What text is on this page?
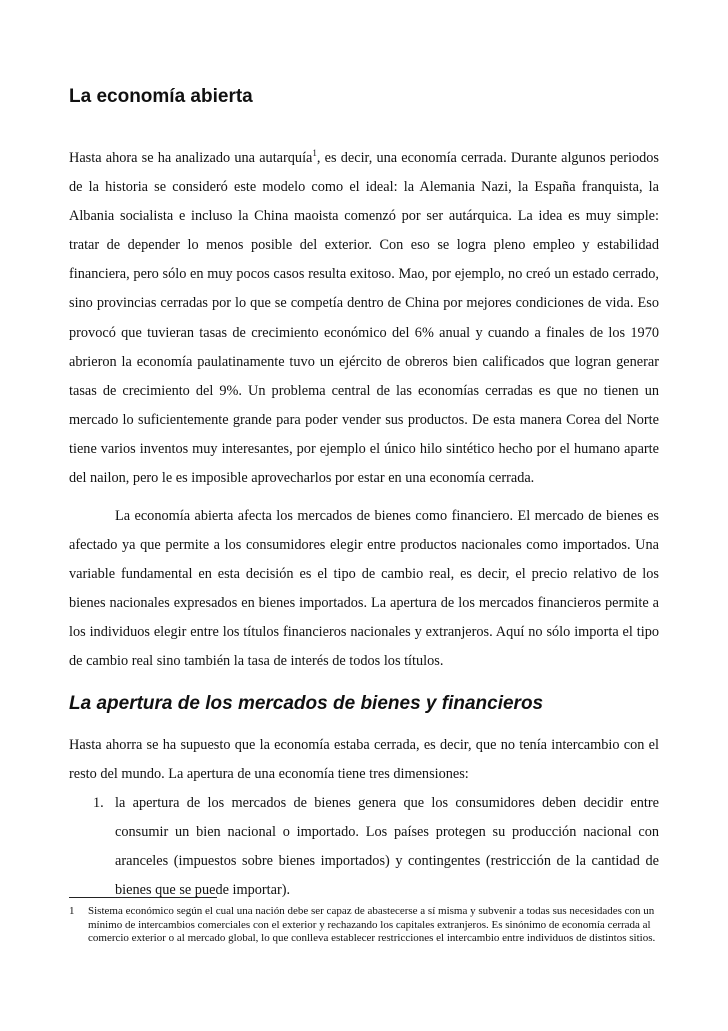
La economía abierta

Hasta ahora se ha analizado una autarquía$^1$, es decir, una economía cerrada. Durante algunos periodos de la historia se consideró este modelo como el ideal: la Alemania Nazi, la España franquista, la Albania socialista e incluso la China maoista comenzó por ser autárquica. La idea es muy simple: tratar de depender lo menos posible del exterior. Con eso se logra pleno empleo y estabilidad financiera, pero sólo en muy pocos casos resulta exitoso. Mao, por ejemplo, no creó un estado cerrado, sino provincias cerradas por lo que se competía dentro de China por mejores condiciones de vida. Eso provocó que tuvieran tasas de crecimiento económico del 6% anual y cuando a finales de los 1970 abrieron la economía paulatinamente tuvo un ejército de obreros bien calificados que logran generar tasas de crecimiento del 9%. Un problema central de las economías cerradas es que no tienen un mercado lo suficientemente grande para poder vender sus productos. De esta manera Corea del Norte tiene varios inventos muy interesantes, por ejemplo el único hilo sintético hecho por el humano aparte del nailon, pero le es imposible aprovecharlos por estar en una economía cerrada.

La economía abierta afecta los mercados de bienes como financiero. El mercado de bienes es afectado ya que permite a los consumidores elegir entre productos nacionales como importados. Una variable fundamental en esta decisión es el tipo de cambio real, es decir, el precio relativo de los bienes nacionales expresados en bienes importados. La apertura de los mercados financieros permite a los individuos elegir entre los títulos financieros nacionales y extranjeros. Aquí no sólo importa el tipo de cambio real sino también la tasa de interés de todos los títulos.

La apertura de los mercados de bienes y financieros

Hasta ahorra se ha supuesto que la economía estaba cerrada, es decir, que no tenía intercambio con el resto del mundo. La apertura de una economía tiene tres dimensiones:

1. la apertura de los mercados de bienes genera que los consumidores deben decidir entre consumir un bien nacional o importado. Los países protegen su producción nacional con aranceles (impuestos sobre bienes importados) y contingentes (restricción de la cantidad de bienes que se puede importar).
1 Sistema económico según el cual una nación debe ser capaz de abastecerse a sí misma y subvenir a todas sus necesidades con un mínimo de intercambios comerciales con el exterior y rechazando los capitales extranjeros. Es sinónimo de economía cerrada al comercio exterior o al mercado global, lo que conlleva establecer restricciones el intercambio entre individuos de distintos sitios.
